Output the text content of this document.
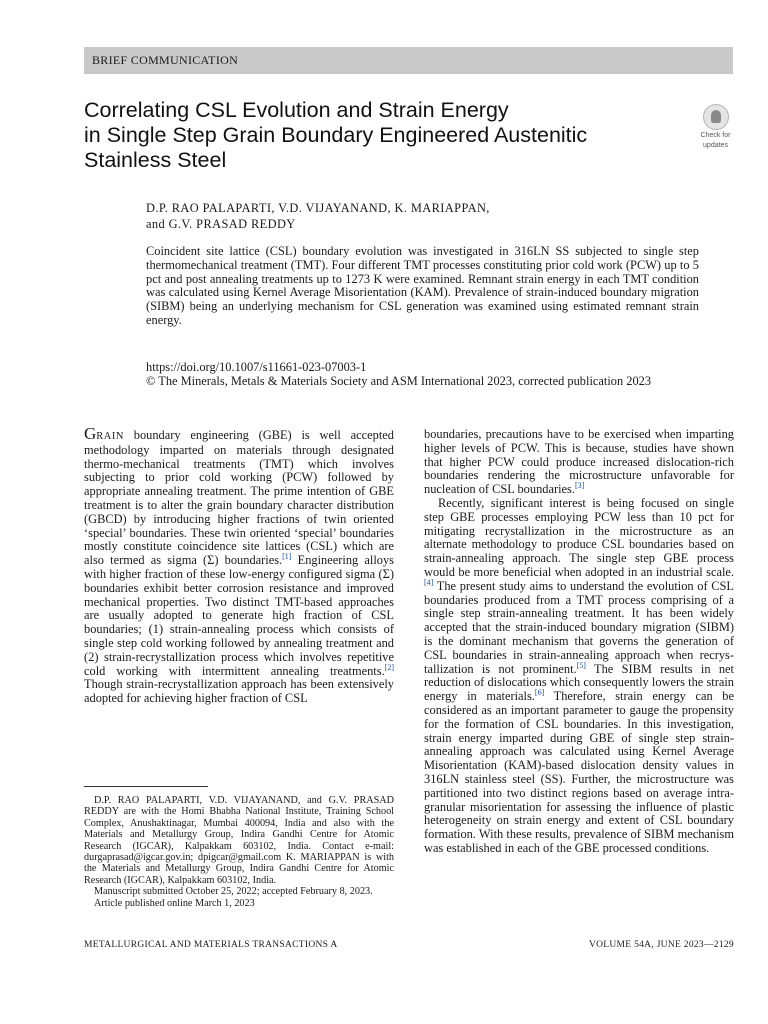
BRIEF COMMUNICATION
Correlating CSL Evolution and Strain Energy
in Single Step Grain Boundary Engineered Austenitic
Stainless Steel
Check for
updates
D.P. RAO PALAPARTI, V.D. VIJAYANAND, K. MARIAPPAN,
and G.V. PRASAD REDDY
Coincident site lattice (CSL) boundary evolution was investigated in 316LN SS subjected to single step thermomechanical treatment (TMT). Four different TMT processes constituting prior cold work (PCW) up to 5 pct and post annealing treatments up to 1273 K were examined. Remnant strain energy in each TMT condition was calculated using Kernel Average Misorientation (KAM). Prevalence of strain-induced boundary migration (SIBM) being an underlying mechanism for CSL generation was examined using estimated remnant strain energy.
https://doi.org/10.1007/s11661-023-07003-1
© The Minerals, Metals & Materials Society and ASM International 2023, corrected publication 2023

GRAIN boundary engineering (GBE) is well accepted methodology imparted on materials through designated thermo-mechanical treatments (TMT) which involves subjecting to prior cold working (PCW) followed by appropriate annealing treatment. The prime intention of GBE treatment is to alter the grain boundary character distribution (GBCD) by introducing higher fractions of twin oriented ‘special’ boundaries. These twin oriented ‘special’ boundaries mostly constitute coincidence site lattices (CSL) which are also termed as sigma (Σ) boundaries.[1] Engineering alloys with higher fraction of these low-energy configured sigma (Σ) boundaries exhibit better corrosion resistance and improved mechanical properties. Two distinct TMT-based approaches are usually adopted to generate high fraction of CSL boundaries; (1) strain-annealing process which consists of single step cold working followed by annealing treatment and (2) strain-recrystallization process which involves repetitive cold working with intermittent annealing treatments.[2] Though strain-recrystallization approach has been extensively adopted for achieving higher fraction of CSL

boundaries, precautions have to be exercised when imparting higher levels of PCW. This is because, studies have shown that higher PCW could produce increased dislocation-rich boundaries rendering the microstructure unfavorable for nucleation of CSL boundaries.[3]

Recently, significant interest is being focused on single step GBE processes employing PCW less than 10 pct for mitigating recrystallization in the microstructure as an alternate methodology to produce CSL boundaries based on strain-annealing approach. The single step GBE process would be more beneficial when adopted in an industrial scale.[4] The present study aims to understand the evolution of CSL boundaries produced from a TMT process comprising of a single step strain-annealing treatment. It has been widely accepted that the strain-induced boundary migration (SIBM) is the dominant mechanism that governs the generation of CSL boundaries in strain-annealing approach when recrystallization is not prominent.[5] The SIBM results in net reduction of dislocations which consequently lowers the strain energy in materials.[6] Therefore, strain energy can be considered as an important parameter to gauge the propensity for the formation of CSL boundaries. In this investigation, strain energy imparted during GBE of single step strain-annealing approach was calculated using Kernel Average Misorientation (KAM)-based dislocation density values in 316LN stainless steel (SS). Further, the microstructure was partitioned into two distinct regions based on average intra-granular misorientation for assessing the influence of plastic heterogeneity on strain energy and extent of CSL boundary formation. With these results, prevalence of SIBM mechanism was established in each of the GBE processed conditions.

D.P. RAO PALAPARTI, V.D. VIJAYANAND, and G.V. PRASAD REDDY are with the Homi Bhabha National Institute, Training School Complex, Anushaktinagar, Mumbai 400094, India and also with the Materials and Metallurgy Group, Indira Gandhi Centre for Atomic Research (IGCAR), Kalpakkam 603102, India. Contact e-mail: durgaprasad@igcar.gov.in; dpigcar@gmail.com K. MARIAPPAN is with the Materials and Metallurgy Group, Indira Gandhi Centre for Atomic Research (IGCAR), Kalpakkam 603102, India.

Manuscript submitted October 25, 2022; accepted February 8, 2023.

Article published online March 1, 2023

METALLURGICAL AND MATERIALS TRANSACTIONS A	VOLUME 54A, JUNE 2023—2129
